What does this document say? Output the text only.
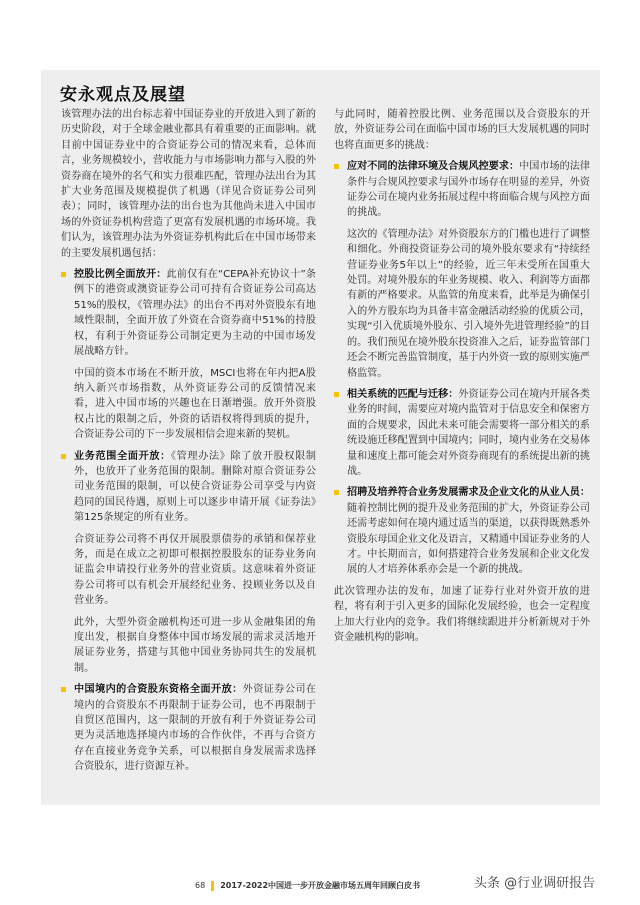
安永观点及展望

该管理办法的出台标志着中国证券业的开放进入到了新的历史阶段，对于全球金融业都具有着重要的正面影响。就目前中国证券业中的合资证券公司的情况来看，总体而言，业务规模较小，营收能力与市场影响力都与入股的外资券商在境外的名气和实力很难匹配，管理办法出台为其扩大业务范围及规模提供了机遇（详见合资证券公司列表）；同时，该管理办法的出台也为其他尚未进入中国市场的外资证券机构营造了更富有发展机遇的市场环境。我们认为，该管理办法为外资证券机构此后在中国市场带来的主要发展机遇包括：

控股比例全面放开：此前仅有在“CEPA补充协议十”条例下的港资或澳资证券公司可持有合资证券公司高达51%的股权，《管理办法》的出台不再对外资股东有地域性限制，全面开放了外资在合资券商中51%的持股权，有利于外资证券公司制定更为主动的中国市场发展战略方针。

中国的资本市场在不断开放，MSCI也将在年内把A股纳入新兴市场指数，从外资证券公司的反馈情况来看，进入中国市场的兴趣也在日渐增强。放开外资股权占比的限制之后，外资的话语权将得到质的提升，合资证券公司的下一步发展相信会迎来新的契机。

业务范围全面开放：《管理办法》除了放开股权限制外，也放开了业务范围的限制。删除对原合资证券公司业务范围的限制，可以使合资证券公司享受与内资趋同的国民待遇，原则上可以逐步申请开展《证券法》第125条规定的所有业务。

合资证券公司将不再仅开展股票债券的承销和保荐业务，而是在成立之初即可根据控股股东的证券业务向证监会申请投行业务外的营业资质。这意味着外资证券公司将可以有机会开展经纪业务、投顾业务以及自营业务。

此外，大型外资金融机构还可进一步从金融集团的角度出发，根据自身整体中国市场发展的需求灵活地开展证券业务，搭建与其他中国业务协同共生的发展机制。

中国境内的合资股东资格全面开放：外资证券公司在境内的合资股东不再限制于证券公司，也不再限制于自贸区范围内，这一限制的开放有利于外资证券公司更为灵活地选择境内市场的合作伙伴，不再与合资方存在直接业务竞争关系，可以根据自身发展需求选择合资股东，进行资源互补。

与此同时，随着控股比例、业务范围以及合资股东的开放，外资证券公司在面临中国市场的巨大发展机遇的同时也将直面更多的挑战：

应对不同的法律环境及合规风控要求：中国市场的法律条件与合规风控要求与国外市场存在明显的差异，外资证券公司在境内业务拓展过程中将面临合规与风控方面的挑战。

这次的《管理办法》对外资股东方的门槛也进行了调整和细化。外商投资证券公司的境外股东要求有“持续经营证券业务5年以上”的经验，近三年未受所在国重大处罚。对境外股东的年业务规模、收入、利润等方面都有新的严格要求。从监管的角度来看，此举是为确保引入的外方股东均为具备丰富金融活动经验的优质公司，实现“引入优质境外股东、引入境外先进管理经验”的目的。我们预见在境外股东投资准入之后，证券监管部门还会不断完善监管制度，基于内外资一致的原则实施严格监管。

相关系统的匹配与迁移：外资证券公司在境内开展各类业务的时间，需要应对境内监管对于信息安全和保密方面的合规要求，因此未来可能会需要将一部分相关的系统设施迁移配置到中国境内；同时，境内业务在交易体量和速度上都可能会对外资券商现有的系统提出新的挑战。
招聘及培养符合业务发展需求及企业文化的从业人员：随着控制比例的提升及业务范围的扩大，外资证券公司还需考虑如何在境内通过适当的渠道，以获得既熟悉外资股东母国企业文化及语言，又精通中国证券业务的人才。中长期而言，如何搭建符合业务发展和企业文化发展的人才培养体系亦会是一个新的挑战。

此次管理办法的发布，加速了证券行业对外资开放的进程，将有利于引入更多的国际化发展经验，也会一定程度上加大行业内的竞争。我们将继续跟进并分析新规对于外资金融机构的影响。

68 2017-2022中国进一步开放金融市场五周年回顾白皮书	头条 @行业调研报告
